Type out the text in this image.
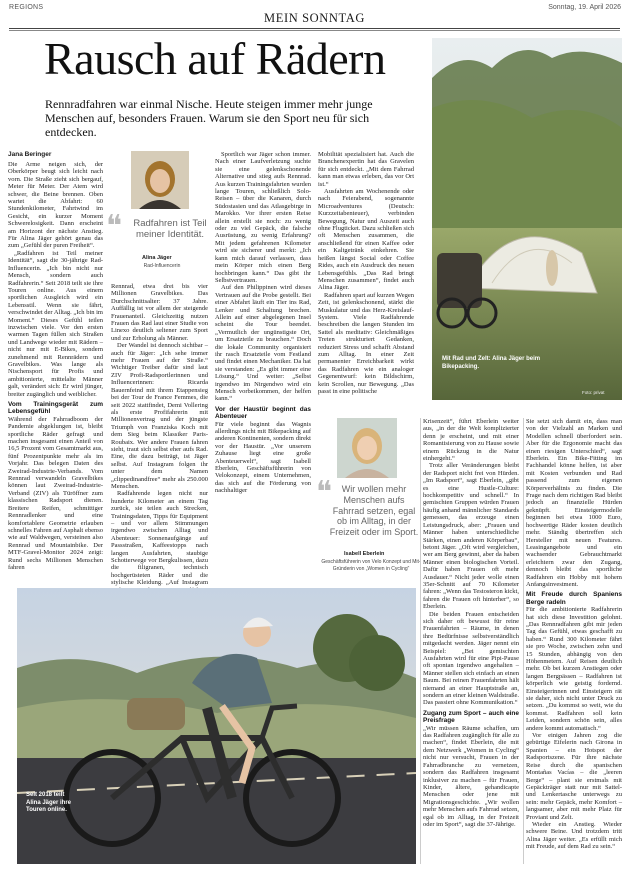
REGIONS
MEIN SONNTAG
Sonntag, 19. April 2026
Rausch auf Rädern
Rennradfahren war einmal Nische. Heute steigen immer mehr junge Menschen auf, besonders Frauen. Warum sie den Sport neu für sich entdecken.
Mit Rad und Zelt: Alina Jäger beim Bikepacking.
Foto: privat
Jana Beringer

Die Arme neigen sich, der Oberkörper beugt sich leicht nach vorn. Die Straße zieht sich bergauf, Meter für Meter. Der Atem wird schwer, die Beine brennen. Oben wartet die Abfahrt: 60 Stundenkilometer, Fahrtwind im Gesicht, ein kurzer Moment Schwerelosigkeit. Dann erscheint am Horizont der nächste Anstieg. Für Alina Jäger gehört genau das zum „Gefühl der puren Freiheit“.

„Radfahren ist Teil meiner Identität“, sagt die 30-jährige Rad-Influencerin. „Ich bin nicht nur Mensch, sondern auch Radfahrerin.“ Seit 2018 teilt sie ihre Touren online. Aus einem sportlichen Ausgleich wird ein Lebensstil. Wenn sie fährt, verschwindet der Alltag. „Ich bin im Moment.“ Dieses Gefühl teilen inzwischen viele. Vor den ersten warmen Tagen füllen sich Straßen und Landwege wieder mit Rädern – nicht nur mit E-Bikes, sondern zunehmend mit Rennrädern und Gravelbikes. Was lange als Nischensport für Profis und ambitionierte, mittelalte Männer galt, verändert sich: Er wird jünger, breiter zugänglich und weiblicher.

Vom Trainingsgerät zum Lebensgefühl

Während der Fahrradboom der Pandemie abgeklungen ist, bleibt sportliche Räder gefragt und machen insgesamt einen Anteil von 16,5 Prozent vom Gesamtmarkt aus, fünf Prozentpunkte mehr als im Vorjahr. Das belegen Daten des Zweirad-Industrie-Verbands. Vom Rennrad verwandeln Gravelbikes können laut Zweirad-Industrie-Verband (ZIV) als Türöffner zum klassischen Radsport dienen. Breitere Reifen, schmittiger Rennradlenker und eine komfortablere Geometrie erlauben schnelles Fahren auf Asphalt ebenso wie auf Waldwegen, versteinen also Rennrad und Mountainbike. Der MTF-Gravel-Monitor 2024 zeigt: Rund sechs Millionen Menschen fahren

❝	Radfahren ist Teil meiner Identität.
Alina Jäger
Rad-Influencerin

Rennrad, etwa drei bis vier Millionen Gravelbikes. Das Durchschnittsalter: 37 Jahre. Auffällig ist vor allem der steigende Frauenanteil. Gleichzeitig nutzen Frauen das Rad laut einer Studie von Linexo deutlich seltener zum Sport und zur Erholung als Männer.

Der Wandel ist dennoch sichtbar – auch für Jäger: „Ich sehe immer mehr Frauen auf der Straße.“ Wichtiger Treiber dafür sind laut ZIV Profi-Radsportlerinnen und Influencerinnen: Ricarda Bauernfeind mit ihrem Etappensieg bei der Tour de France Femmes, die seit 2022 stattfindet, Demi Vollering als erste Profifahrerin mit Millionenvertrag und der jüngste Triumph von Franziska Koch mit dem Sieg beim Klassiker Paris-Roubaix. Wer andere Frauen fahren sieht, traut sich selbst eher aufs Rad. Eine, die dazu beiträgt, ist Jäger selbst. Auf Instagram folgen ihr unter dem Namen „clippedinandfree“ mehr als 250.000 Menschen.

Radfahrende legen nicht nur hunderte Kilometer an einem Tag zurück, sie teilen auch Strecken, Trainingsdaten, Tipps für Equipment – und vor allem Stimmungen irgendwo zwischen Alltag und Abenteuer: Sonnenaufgänge auf Passstraßen, Kaffeestopps nach langen Ausfahrten, staubige Schotterwege vor Bergkulissen, dazu die filigranen, technisch hochgerüsteten Räder und die stylische Kleidung. „Auf Instagram

Sportlich war Jäger schon immer. Nach einer Laufverletzung suchte sie eine gelenkschonende Alternative und stieg aufs Rennrad. Aus kurzen Trainingsfahrten wurden lange Touren, schließlich Solo-Reisen – über die Kanaren, durch Südostasien und das Atlasgebirge in Marokko. Vor ihrer ersten Reise allein erstellt sie noch: zu wenig oder zu viel Gepäck, die falsche Ausrüstung, zu wenig Erfahrung? Mit jedem gefahrenen Kilometer wird sie sicherer und merkt: „Ich kann mich darauf verlassen, dass mein Körper mich einen Berg hochbringen kann.“ Das gibt ihr Selbstvertrauen.

Auf den Philippinen wird dieses Vertrauen auf die Probe gestellt. Bei einer Abfahrt läuft ein Tier ins Rad, Lenker und Schaltung brechen. Allein auf einer abgelegenen Insel scheint die Tour beendet. „Vermutlich der ungünstigste Ort, um Ersatzteile zu brauchen.“ Doch die lokale Community organisiert ihr rasch Ersatzteile vom Festland und findet einen Mechaniker. Da hat sie verstanden: „Es gibt immer eine Lösung.“ Und weiter: „Selbst irgendwo im Nirgendwo wird ein Mensch vorbeikommen, der helfen kann.“

Vor der Haustür beginnt das Abenteuer

Für viele beginnt das Wagnis allerdings nicht mit Bikepacking auf anderen Kontinenten, sondern direkt vor der Haustür. „Vor unserem Zuhause liegt eine große Abenteuerwelt“, sagt Isabell Eberlein, Geschäftsführerin von Velokonzept, einem Unternehmen, das sich auf die Förderung von nachhaltiger

Mobilität spezialisiert hat. Auch die Branchenexpertin hat das Gravelen für sich entdeckt. „Mit dem Fahrrad kann man etwas erleben, das vor Ort ist.“

Ausfahrten am Wochenende oder nach Feierabend, sogenannte Microadventures (Deutsch: Kurzzeitabenteuer), verbinden Bewegung, Natur und Auszeit auch ohne Flugticket. Dazu schließen sich oft Menschen zusammen, die anschließend für einen Kaffee oder ein Kaltgetränk einkehren. Sie heißen längst Social oder Coffee Rides, auch ein Ausdruck des neuen Lebensgefühls. „Das Rad bringt Menschen zusammen“, findet auch Alina Jäger.

Radfahren spart auf kurzen Wegen Zeit, ist gelenkschonend, stärkt die Muskulatur und das Herz-Kreislauf-System. Viele Radfahrende beschreiben die langen Stunden im Sattel als meditativ: Gleichmäßiges Treten strukturiert Gedanken, reduziert Stress und schafft Abstand zum Alltag. In einer Zeit permanenter Erreichbarkeit wirkt das Radfahren wie ein analoger Gegenentwurf: kein Bildschirm, kein Scrollen, nur Bewegung. „Das passt in eine politische

❝	Wir wollen mehr Menschen aufs Fahrrad setzen, egal ob im Alltag, in der Freizeit oder im Sport.
Isabell Eberlein
Geschäftsführerin von Velo Konzept und Mit-Gründerin von „Women in Cycling“
Seit 2018 teilt Alina Jäger ihre Touren online.

Krisenzeit“, führt Eberlein weiter aus, „in der die Welt komplizierter denn je erscheint, und mit einer Romantisierung von zu Hause sowie einem Rückzug in die Natur einhergeht.“

Trotz aller Veränderungen bleibt der Radsport nicht frei von Hürden. „Im Radsport“, sagt Eberlein, „gibt es eine Hustle-Culture: hochkompetitiv und schnell.“ In gemischten Gruppen würden Frauen häufig anhand männlicher Standards gemessen, das erzeuge einen Leistungsdruck, aber: „Frauen und Männer haben unterschiedliche Stärken, einen anderen Körperbau“, betont Jäger. „Oft wird vergleichen, wer am Berg gewinnt, aber da haben Männer einen biologischen Vorteil. Dafür haben Frauen oft mehr Ausdauer.“ Nicht jeder wolle einen 35er-Schnitt auf 70 Kilometer fahren: „Wenn das Testosteron kickt, fahren die Frauen oft hinterher“, so Eberlein.

Die beiden Frauen entscheiden sich daher oft bewusst für reine Frauenfahrten – Räume, in denen ihre Bedürfnisse selbstverständlich mitgedacht werden. Jäger nennt ein Beispiel: „Bei gemischten Ausfahrten wird für eine Pipi-Pause oft spontan irgendwo angehalten – Männer stellen sich einfach an einen Baum. Bei reinen Frauenfahrten hält niemand an einer Hauptstraße an, sondern an einer kleinen Waldstraße. Das passiert ohne Kommunikation.“

Zugang zum Sport – auch eine Preisfrage

„Wir müssen Räume schaffen, um das Radfahren zugänglich für alle zu machen“, findet Eberlein, die mit dem Netzwerk „Women in Cycling“ nicht nur versucht, Frauen in der Fahrradbranche zu vernetzen, sondern das Radfahren insgesamt inklusiver zu machen – für Frauen, Kinder, ältere, gehandicapte Menschen oder jene mit Migrationsgeschichte. „Wir wollen mehr Menschen aufs Fahrrad setzen, egal ob im Alltag, in der Freizeit oder im Sport“, sagt die 37-Jährige.

Sie setzt sich damit ein, dass man von der Vielzahl an Marken und Modellen schnell überfordert sein. Aber für die Ergonomie macht das einen riesigen Unterschied“, sagt Eberlein. Ein Bike-Fitting im Fachhandel könne helfen, ist aber mit Kosten verbunden und Rad passend zum eigenen Körperverhältnis zu finden. Die Frage nach dem richtigen Rad bleibt jedoch an finanzielle Hürden geknüpft. Einsteigermodelle beginnen bei etwa 1000 Euro, hochwertige Räder kosten deutlich mehr. Ständig übertreffen sich Hersteller mit neuen Features. Leasingangebote und ein wachsender Gebrauchtmarkt erleichtern zwar den Zugang, dennoch bleibt das sportliche Radfahren ein Hobby mit hohem Anfangsinvestment.

Mit Freude durch Spaniens Berge radeln

Für die ambitionierte Radfahrerin hat sich diese Investition gelohnt. „Das Rennradfahren gibt mir jeden Tag das Gefühl, etwas geschafft zu haben.“ Rund 300 Kilometer fährt sie pro Woche, zwischen zehn und 15 Stunden, abhängig von den Höhenmetern. Auf Reisen deutlich mehr. Ob bei kurzen Anstiegen oder langen Bergpässen – Radfahren ist körperlich wie geistig fordernd. Einsteigerinnen und Einsteigern rät sie daher, sich nicht unter Druck zu setzen. „Du kommst so weit, wie du kommst. Radfahren soll kein Leiden, sondern schön sein, alles andere kommt automatisch.“

Vor einigen Jahren zog die gebürtige Eifelerin nach Girona in Spanien – ein Hotspot der Radsportszene. Für ihre nächste Reise durch die spanischen Montañas Vacías – die „leeren Berge“ – plant sie erstmals mit Gepäckträger statt nur mit Sattel- und Lenkertasche unterwegs zu sein: mehr Gepäck, mehr Komfort – langsamer, aber mit mehr Platz für Proviant und Zelt.

Wieder ein Anstieg. Wieder schwere Beine. Und trotzdem tritt Alina Jäger weiter. „Es erfüllt mich mit Freude, auf dem Rad zu sein.“
